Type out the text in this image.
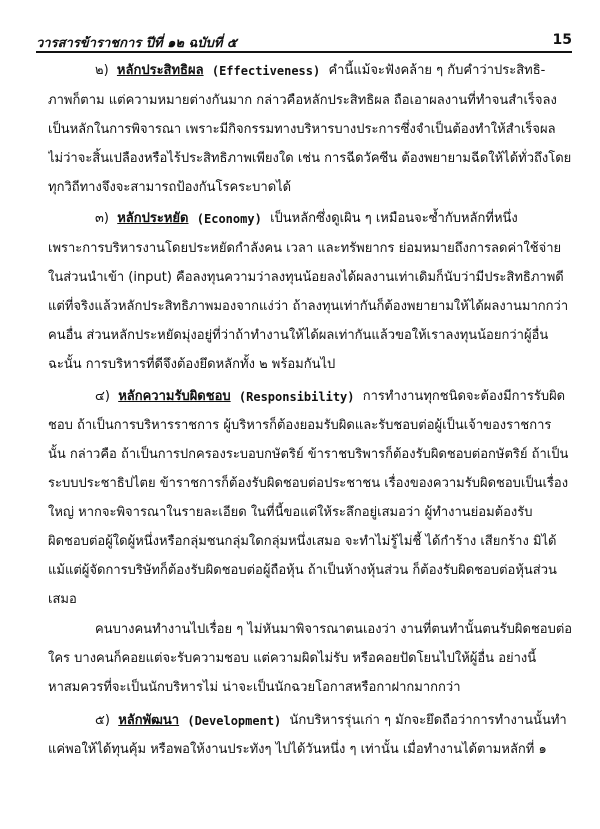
วารสารข้าราชการ ปีที่ ๑๒ ฉบับที่ ๕	15
๒) หลักประสิทธิผล (Effectiveness) คำนี้แม้จะฟังคล้าย ๆ กับคำว่าประสิทธิ-
ภาพก็ตาม แต่ความหมายต่างกันมาก กล่าวคือหลักประสิทธิผล ถือเอาผลงานที่ทำจนสำเร็จลง
เป็นหลักในการพิจารณา เพราะมีกิจกรรมทางบริหารบางประการซึ่งจำเป็นต้องทำให้สำเร็จผล
ไม่ว่าจะสิ้นเปลืองหรือไร้ประสิทธิภาพเพียงใด เช่น การฉีดวัคซีน ต้องพยายามฉีดให้ได้ทั่วถึงโดย
ทุกวิถีทางจึงจะสามารถป้องกันโรคระบาดได้
๓) หลักประหยัด (Economy) เป็นหลักซึ่งดูเผิน ๆ เหมือนจะซ้ำกับหลักที่หนึ่ง
เพราะการบริหารงานโดยประหยัดกำลังคน เวลา และทรัพยากร ย่อมหมายถึงการลดค่าใช้จ่าย
ในส่วนนำเข้า (input) คือลงทุนความว่าลงทุนน้อยลงได้ผลงานเท่าเดิมก็นับว่ามีประสิทธิภาพดี
แต่ที่จริงแล้วหลักประสิทธิภาพมองจากแง่ว่า ถ้าลงทุนเท่ากันก็ต้องพยายามให้ได้ผลงานมากกว่า
คนอื่น ส่วนหลักประหยัดมุ่งอยู่ที่ว่าถ้าทำงานให้ได้ผลเท่ากันแล้วขอให้เราลงทุนน้อยกว่าผู้อื่น
ฉะนั้น การบริหารที่ดีจึงต้องยึดหลักทั้ง ๒ พร้อมกันไป
๔) หลักความรับผิดชอบ (Responsibility) การทำงานทุกชนิดจะต้องมีการรับผิด
ชอบ ถ้าเป็นการบริหารราชการ ผู้บริหารก็ต้องยอมรับผิดและรับชอบต่อผู้เป็นเจ้าของราชการ
นั้น กล่าวคือ ถ้าเป็นการปกครองระบอบกษัตริย์ ข้าราชบริพารก็ต้องรับผิดชอบต่อกษัตริย์ ถ้าเป็น
ระบบประชาธิปไตย ข้าราชการก็ต้องรับผิดชอบต่อประชาชน เรื่องของความรับผิดชอบเป็นเรื่อง
ใหญ่ หากจะพิจารณาในรายละเอียด ในที่นี้ขอแต่ให้ระลึกอยู่เสมอว่า ผู้ทำงานย่อมต้องรับ
ผิดชอบต่อผู้ใดผู้หนึ่งหรือกลุ่มชนกลุ่มใดกลุ่มหนึ่งเสมอ จะทำไม่รู้ไม่ชี้ ได้กำร้าง เสียกร้าง มิได้
แม้แต่ผู้จัดการบริษัทก็ต้องรับผิดชอบต่อผู้ถือหุ้น ถ้าเป็นห้างหุ้นส่วน ก็ต้องรับผิดชอบต่อหุ้นส่วน
เสมอ
คนบางคนทำงานไปเรื่อย ๆ ไม่หันมาพิจารณาตนเองว่า งานที่ตนทำนั้นตนรับผิดชอบต่อ
ใคร บางคนก็คอยแต่จะรับความชอบ แต่ความผิดไม่รับ หรือคอยปัดโยนไปให้ผู้อื่น อย่างนี้
หาสมควรที่จะเป็นนักบริหารไม่ น่าจะเป็นนักฉวยโอกาสหรือกาฝากมากกว่า
๕) หลักพัฒนา (Development) นักบริหารรุ่นเก่า ๆ มักจะยึดถือว่าการทำงานนั้นทำ
แค่พอให้ได้ทุนคุ้ม หรือพอให้งานประทังๆ ไปได้วันหนึ่ง ๆ เท่านั้น เมื่อทำงานได้ตามหลักที่ ๑
